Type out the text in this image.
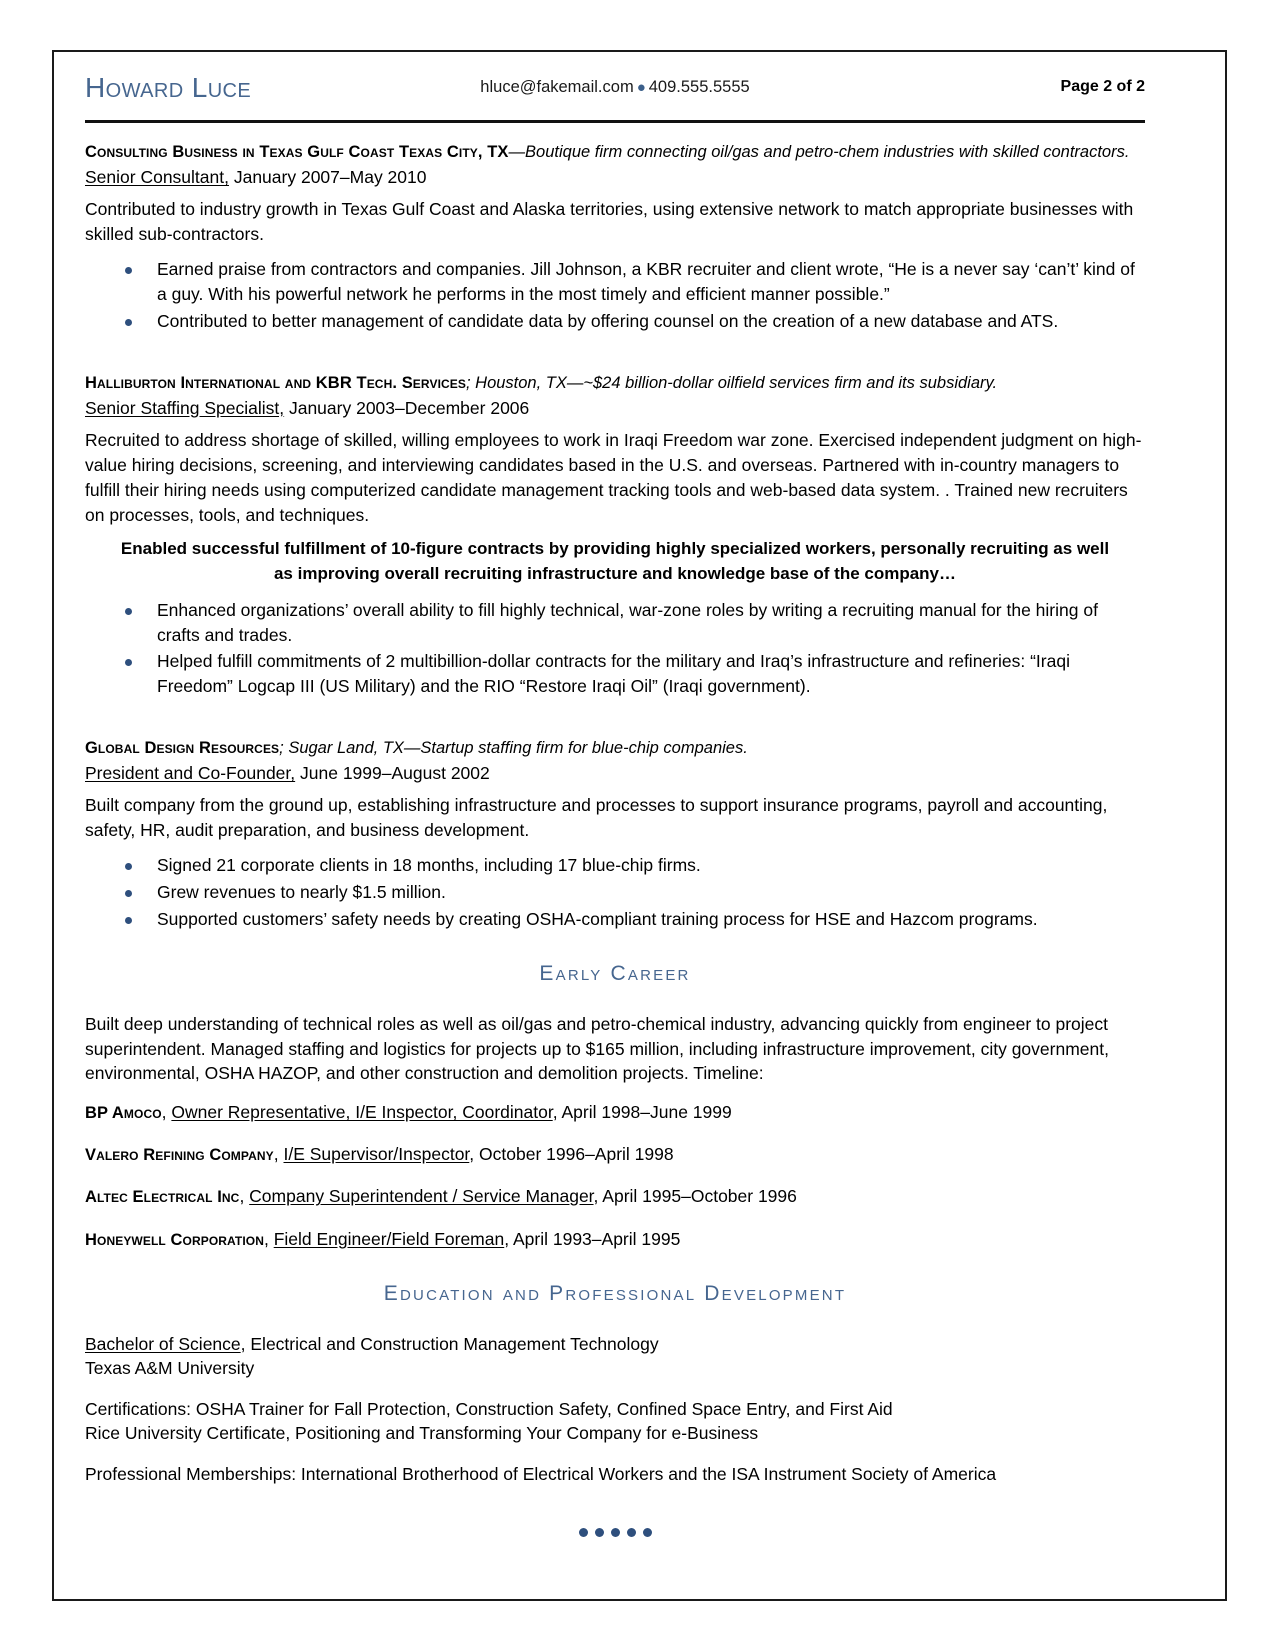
Howard Luce	hluce@fakemail.com ● 409.555.5555	Page 2 of 2
Consulting Business in Texas Gulf Coast Texas City, TX—Boutique firm connecting oil/gas and petro-chem industries with skilled contractors.
Senior Consultant, January 2007–May 2010

Contributed to industry growth in Texas Gulf Coast and Alaska territories, using extensive network to match appropriate businesses with skilled sub-contractors.

Earned praise from contractors and companies. Jill Johnson, a KBR recruiter and client wrote, “He is a never say ‘can’t’ kind of a guy. With his powerful network he performs in the most timely and efficient manner possible.”
Contributed to better management of candidate data by offering counsel on the creation of a new database and ATS.
Halliburton International and KBR Tech. Services; Houston, TX—~$24 billion-dollar oilfield services firm and its subsidiary.
Senior Staffing Specialist, January 2003–December 2006

Recruited to address shortage of skilled, willing employees to work in Iraqi Freedom war zone. Exercised independent judgment on high-value hiring decisions, screening, and interviewing candidates based in the U.S. and overseas. Partnered with in-country managers to fulfill their hiring needs using computerized candidate management tracking tools and web-based data system. . Trained new recruiters on processes, tools, and techniques.

Enabled successful fulfillment of 10-figure contracts by providing highly specialized workers, personally recruiting as well as improving overall recruiting infrastructure and knowledge base of the company…

Enhanced organizations’ overall ability to fill highly technical, war-zone roles by writing a recruiting manual for the hiring of crafts and trades.
Helped fulfill commitments of 2 multibillion-dollar contracts for the military and Iraq’s infrastructure and refineries: “Iraqi Freedom” Logcap III (US Military) and the RIO “Restore Iraqi Oil” (Iraqi government).
Global Design Resources; Sugar Land, TX—Startup staffing firm for blue-chip companies.
President and Co-Founder, June 1999–August 2002

Built company from the ground up, establishing infrastructure and processes to support insurance programs, payroll and accounting, safety, HR, audit preparation, and business development.

Signed 21 corporate clients in 18 months, including 17 blue-chip firms.
Grew revenues to nearly $1.5 million.
Supported customers’ safety needs by creating OSHA-compliant training process for HSE and Hazcom programs.
Early Career

Built deep understanding of technical roles as well as oil/gas and petro-chemical industry, advancing quickly from engineer to project superintendent. Managed staffing and logistics for projects up to $165 million, including infrastructure improvement, city government, environmental, OSHA HAZOP, and other construction and demolition projects. Timeline:

BP Amoco, Owner Representative, I/E Inspector, Coordinator, April 1998–June 1999
Valero Refining Company, I/E Supervisor/Inspector, October 1996–April 1998
Altec Electrical Inc, Company Superintendent / Service Manager, April 1995–October 1996
Honeywell Corporation, Field Engineer/Field Foreman, April 1993–April 1995
Education and Professional Development

Bachelor of Science, Electrical and Construction Management Technology
Texas A&M University

Certifications: OSHA Trainer for Fall Protection, Construction Safety, Confined Space Entry, and First Aid
Rice University Certificate, Positioning and Transforming Your Company for e-Business

Professional Memberships: International Brotherhood of Electrical Workers and the ISA Instrument Society of America
